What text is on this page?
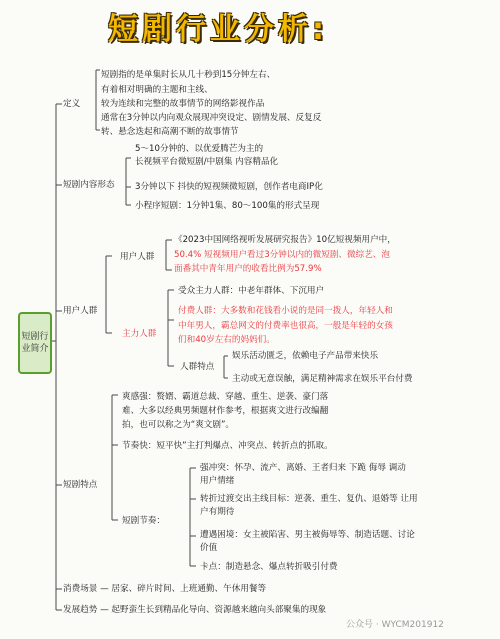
短剧行业分析:
短剧行业简介
定义
短剧指的是单集时长从几十秒到15分钟左右、
有着相对明确的主题和主线、
较为连续和完整的故事情节的网络影视作品
通常在3分钟以内向观众展现冲突设定、剧情发展、反复反
转、悬念迭起和高潮不断的故事情节
短剧内容形态
5～10分钟的、以优爱腾芒为主的
长视频平台微短剧/中剧集 内容精品化
3分钟以下 抖快的短视频微短剧，创作者电商IP化
小程序短剧：1分钟1集、80～100集的形式呈现
用户人群
用户人群
《2023中国网络视听发展研究报告》10亿短视频用户中，
50.4% 短视频用户看过3分钟以内的微短剧、微综艺、泡
面番其中青年用户的收看比例为57.9%
主力人群
受众主力人群：中老年群体、下沉用户
付费人群：大多数和花钱看小说的是同一拨人，年轻人和
中年男人，霸总网文的付费率也很高，一般是年轻的女孩
们和40岁左右的妈妈们。
人群特点
娱乐活动匮乏，依赖电子产品带来快乐
主动或无意误触，满足精神需求在娱乐平台付费
短剧特点
爽感强：赘婿、霸道总裁、穿越、重生、逆袭、豪门落
难、大多以经典男频题材作参考，根据爽文进行改编翻
拍，也可以称之为“爽文剧”。
节奏快：短平快”主打判爆点、冲突点、转折点的抓取。
短剧节奏：
强冲突：怀孕、流产、离婚、王者归来 下跪 侮辱 调动
用户情绪
转折过渡交出主线目标：逆袭、重生、复仇、退婚等 让用
户有期待
遭遇困境：女主被陷害、男主被侮辱等、制造话题、讨论
价值
卡点：制造悬念、爆点转折吸引付费
消费场景 — 居家、碎片时间、上班通勤、午休用餐等
发展趋势 — 起野蛮生长到精品化导向、资源越来越向头部聚集的现象
公众号 · WYCM201912
